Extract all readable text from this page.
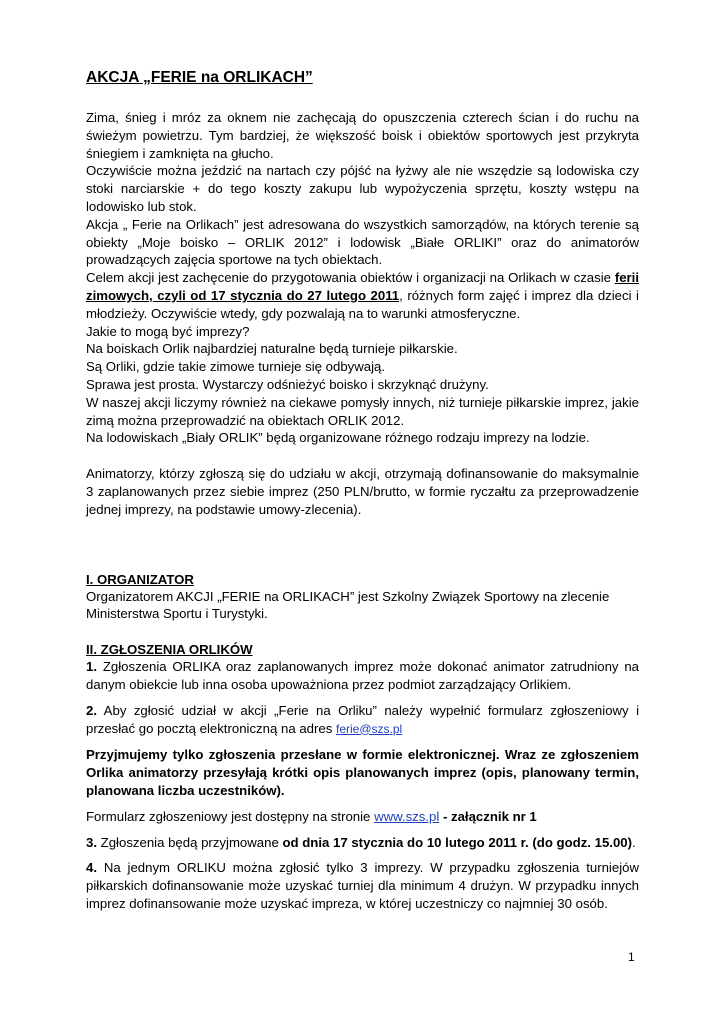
AKCJA „FERIE na ORLIKACH”

Zima, śnieg i mróz za oknem nie zachęcają do opuszczenia czterech ścian i do ruchu na świeżym powietrzu. Tym bardziej, że większość boisk i obiektów sportowych jest przykryta śniegiem i zamknięta na głucho.

Oczywiście można jeździć na nartach czy pójść na łyżwy ale nie wszędzie są lodowiska czy stoki narciarskie + do tego koszty zakupu lub wypożyczenia sprzętu, koszty wstępu na lodowisko lub stok.

Akcja „ Ferie na Orlikach” jest adresowana do wszystkich samorządów, na których terenie są obiekty „Moje boisko – ORLIK 2012” i lodowisk „Białe ORLIKI” oraz do animatorów prowadzących zajęcia sportowe na tych obiektach.

Celem akcji jest zachęcenie do przygotowania obiektów i organizacji na Orlikach w czasie ferii zimowych, czyli od 17 stycznia do 27 lutego 2011, różnych form zajęć i imprez dla dzieci i młodzieży. Oczywiście wtedy, gdy pozwalają na to warunki atmosferyczne.

Jakie to mogą być imprezy?

Na boiskach Orlik najbardziej naturalne będą turnieje piłkarskie.

Są Orliki, gdzie takie zimowe turnieje się odbywają.

Sprawa jest prosta. Wystarczy odśnieżyć boisko i skrzyknąć drużyny.

W naszej akcji liczymy również na ciekawe pomysły innych, niż turnieje piłkarskie imprez, jakie zimą można przeprowadzić na obiektach ORLIK 2012.

Na lodowiskach „Biały ORLIK” będą organizowane różnego rodzaju imprezy na lodzie.

Animatorzy, którzy zgłoszą się do udziału w akcji, otrzymają dofinansowanie do maksymalnie 3 zaplanowanych przez siebie imprez (250 PLN/brutto, w formie ryczałtu za przeprowadzenie jednej imprezy, na podstawie umowy-zlecenia).

I. ORGANIZATOR

Organizatorem AKCJI „FERIE na ORLIKACH” jest Szkolny Związek Sportowy na zlecenie Ministerstwa Sportu i Turystyki.

II. ZGŁOSZENIA ORLIKÓW

1. Zgłoszenia ORLIKA oraz zaplanowanych imprez może dokonać animator zatrudniony na danym obiekcie lub inna osoba upoważniona przez podmiot zarządzający Orlikiem.

2. Aby zgłosić udział w akcji „Ferie na Orliku” należy wypełnić formularz zgłoszeniowy i przesłać go pocztą elektroniczną na adres ferie@szs.pl

Przyjmujemy tylko zgłoszenia przesłane w formie elektronicznej. Wraz ze zgłoszeniem Orlika animatorzy przesyłają krótki opis planowanych imprez (opis, planowany termin, planowana liczba uczestników).

Formularz zgłoszeniowy jest dostępny na stronie www.szs.pl - załącznik nr 1

3. Zgłoszenia będą przyjmowane od dnia 17 stycznia do 10 lutego 2011 r. (do godz. 15.00).

4. Na jednym ORLIKU można zgłosić tylko 3 imprezy. W przypadku zgłoszenia turniejów piłkarskich dofinansowanie może uzyskać turniej dla minimum 4 drużyn. W przypadku innych imprez dofinansowanie może uzyskać impreza, w której uczestniczy co najmniej 30 osób.

1
